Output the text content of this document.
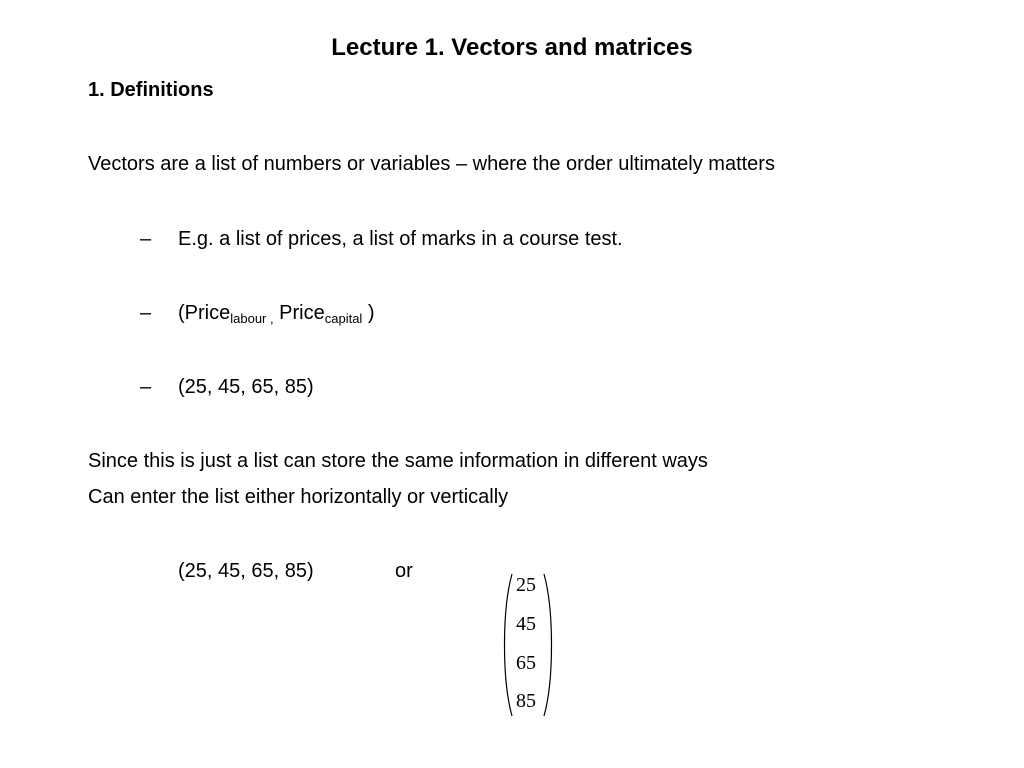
Lecture 1. Vectors and matrices
1. Definitions
Vectors are a list of numbers or variables – where the order ultimately matters
– E.g. a list of prices, a list of marks in a course test.
– (Price$_{labour ,}$ Price$_{capital}$ )
– (25, 45, 65, 85)
Since this is just a list can store the same information in different ways
Can enter the list either horizontally or vertically
(25, 45, 65, 85)	or
25
45
65
85
